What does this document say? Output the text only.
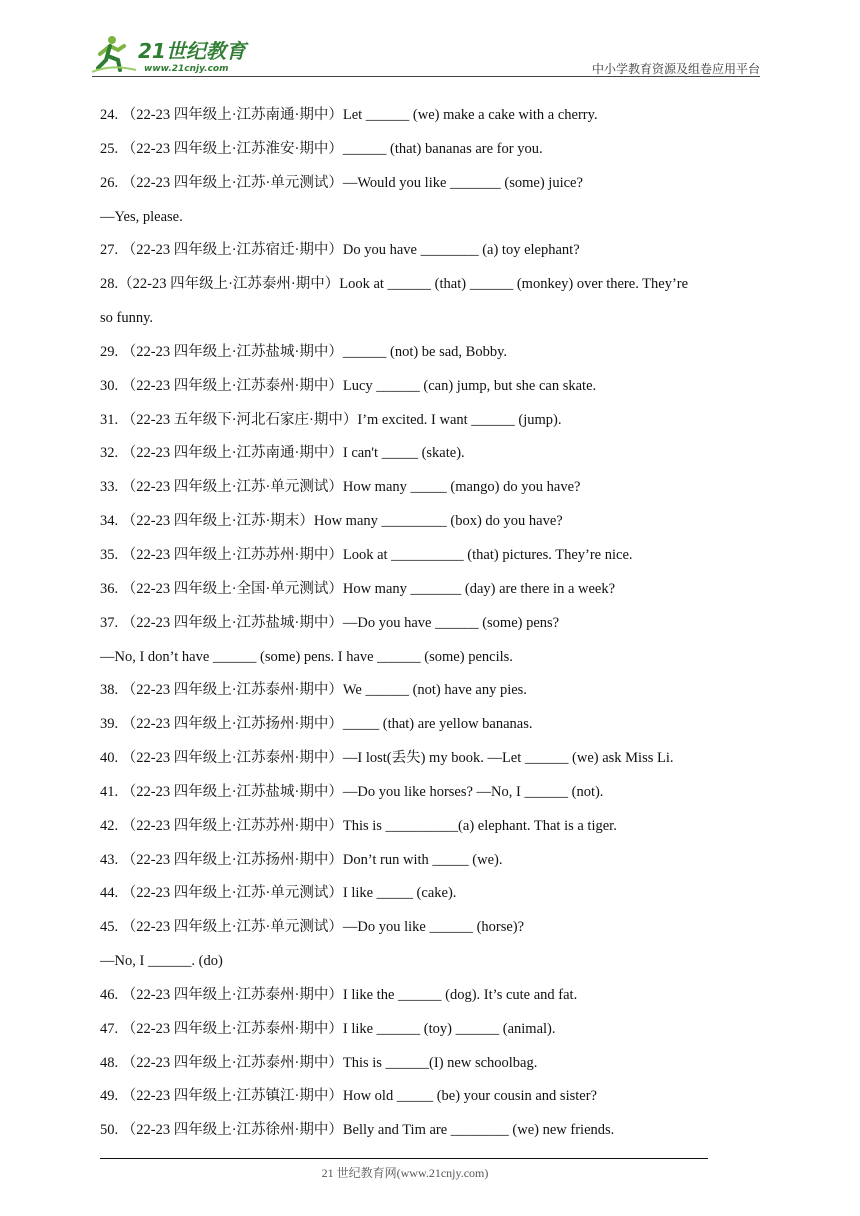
21世纪教育
www.21cnjy.com	中小学教育资源及组卷应用平台
24. （22-23 四年级上·江苏南通·期中）Let ______ (we) make a cake with a cherry.
25. （22-23 四年级上·江苏淮安·期中）______ (that) bananas are for you.
26. （22-23 四年级上·江苏·单元测试）—Would you like _______ (some) juice?
—Yes, please.
27. （22-23 四年级上·江苏宿迁·期中）Do you have ________ (a) toy elephant?
28.（22-23 四年级上·江苏泰州·期中）Look at ______ (that) ______ (monkey) over there. They’re
so funny.
29. （22-23 四年级上·江苏盐城·期中）______ (not) be sad, Bobby.
30. （22-23 四年级上·江苏泰州·期中）Lucy ______ (can) jump, but she can skate.
31. （22-23 五年级下·河北石家庄·期中）I’m excited. I want ______ (jump).
32. （22-23 四年级上·江苏南通·期中）I can't _____ (skate).
33. （22-23 四年级上·江苏·单元测试）How many _____ (mango) do you have?
34. （22-23 四年级上·江苏·期末）How many _________ (box) do you have?
35. （22-23 四年级上·江苏苏州·期中）Look at __________ (that) pictures. They’re nice.
36. （22-23 四年级上·全国·单元测试）How many _______ (day) are there in a week?
37. （22-23 四年级上·江苏盐城·期中）—Do you have ______ (some) pens?
—No, I don’t have ______ (some) pens. I have ______ (some) pencils.
38. （22-23 四年级上·江苏泰州·期中）We ______ (not) have any pies.
39. （22-23 四年级上·江苏扬州·期中）_____ (that) are yellow bananas.
40. （22-23 四年级上·江苏泰州·期中）—I lost(丢失) my book. —Let ______ (we) ask Miss Li.
41. （22-23 四年级上·江苏盐城·期中）—Do you like horses? —No, I ______ (not).
42. （22-23 四年级上·江苏苏州·期中）This is __________(a) elephant. That is a tiger.
43. （22-23 四年级上·江苏扬州·期中）Don’t run with _____ (we).
44. （22-23 四年级上·江苏·单元测试）I like _____ (cake).
45. （22-23 四年级上·江苏·单元测试）—Do you like ______ (horse)?
—No, I ______. (do)
46. （22-23 四年级上·江苏泰州·期中）I like the ______ (dog). It’s cute and fat.
47. （22-23 四年级上·江苏泰州·期中）I like ______ (toy) ______ (animal).
48. （22-23 四年级上·江苏泰州·期中）This is ______(I) new schoolbag.
49. （22-23 四年级上·江苏镇江·期中）How old _____ (be) your cousin and sister?
50. （22-23 四年级上·江苏徐州·期中）Belly and Tim are ________ (we) new friends.
21 世纪教育网(www.21cnjy.com)
